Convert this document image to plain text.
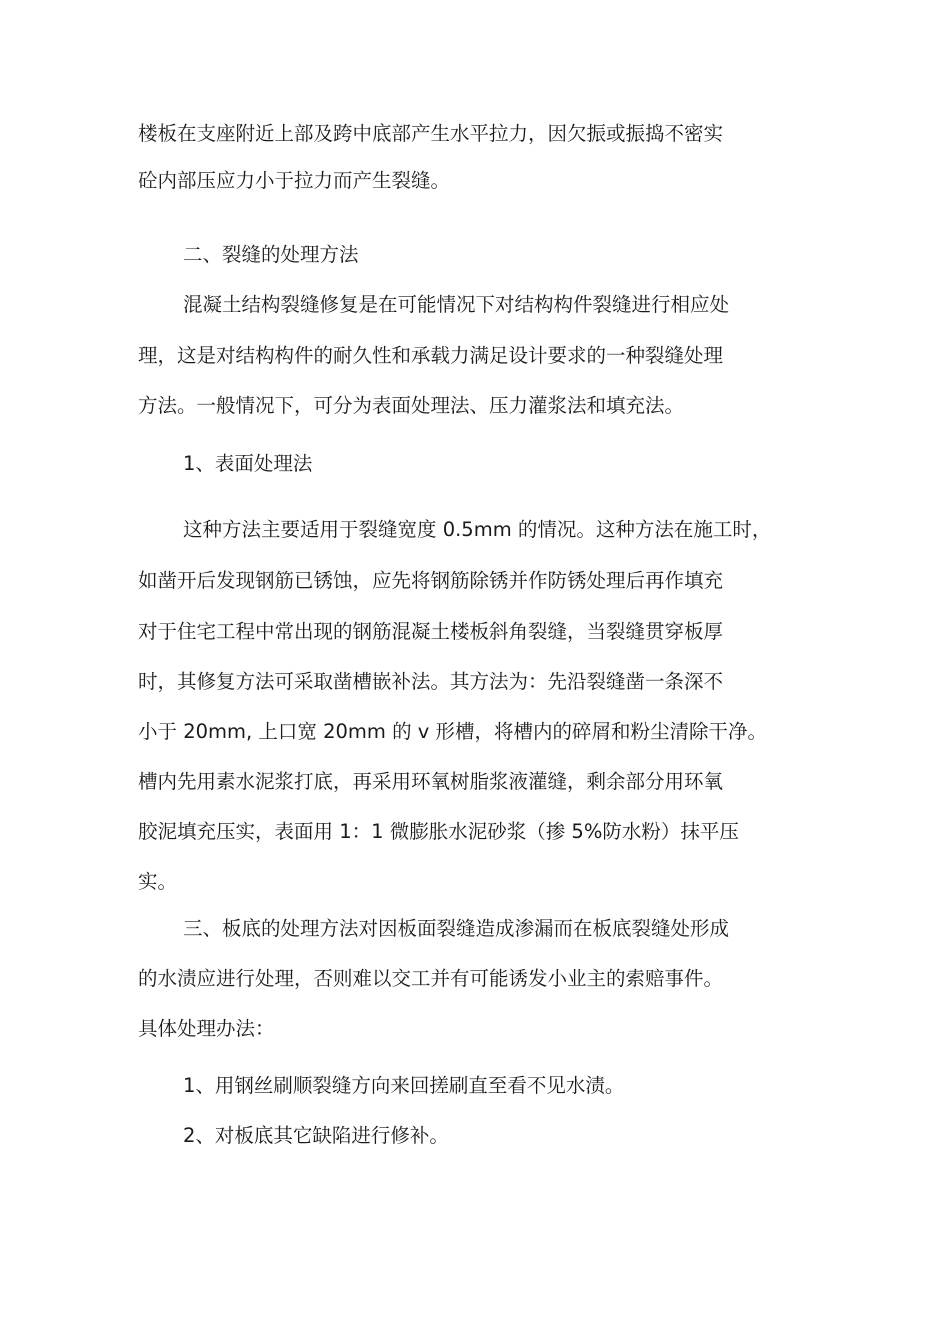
楼板在支座附近上部及跨中底部产生水平拉力，因欠振或振捣不密实
砼内部压应力小于拉力而产生裂缝。
二、裂缝的处理方法
混凝土结构裂缝修复是在可能情况下对结构构件裂缝进行相应处
理，这是对结构构件的耐久性和承载力满足设计要求的一种裂缝处理
方法。一般情况下，可分为表面处理法、压力灌浆法和填充法。
1、表面处理法
这种方法主要适用于裂缝宽度 0.5mm 的情况。这种方法在施工时，
如凿开后发现钢筋已锈蚀，应先将钢筋除锈并作防锈处理后再作填充
对于住宅工程中常出现的钢筋混凝土楼板斜角裂缝，当裂缝贯穿板厚
时，其修复方法可采取凿槽嵌补法。其方法为：先沿裂缝凿一条深不
小于 20mm, 上口宽 20mm 的 v 形槽，将槽内的碎屑和粉尘清除干净。
槽内先用素水泥浆打底，再采用环氧树脂浆液灌缝，剩余部分用环氧
胶泥填充压实，表面用 1：1 微膨胀水泥砂浆（掺 5%防水粉）抹平压
实。
三、板底的处理方法对因板面裂缝造成渗漏而在板底裂缝处形成
的水渍应进行处理，否则难以交工并有可能诱发小业主的索赔事件。
具体处理办法：
1、用钢丝刷顺裂缝方向来回搓刷直至看不见水渍。
2、对板底其它缺陷进行修补。
